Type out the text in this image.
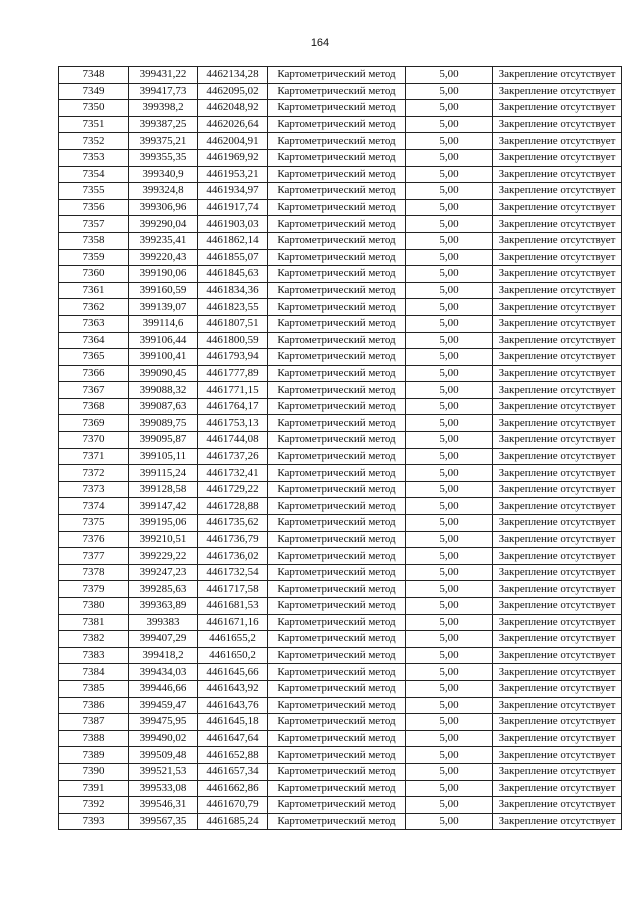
164
7348	399431,22	4462134,28	Картометрический метод	5,00	Закрепление отсутствует
7349	399417,73	4462095,02	Картометрический метод	5,00	Закрепление отсутствует
7350	399398,2	4462048,92	Картометрический метод	5,00	Закрепление отсутствует
7351	399387,25	4462026,64	Картометрический метод	5,00	Закрепление отсутствует
7352	399375,21	4462004,91	Картометрический метод	5,00	Закрепление отсутствует
7353	399355,35	4461969,92	Картометрический метод	5,00	Закрепление отсутствует
7354	399340,9	4461953,21	Картометрический метод	5,00	Закрепление отсутствует
7355	399324,8	4461934,97	Картометрический метод	5,00	Закрепление отсутствует
7356	399306,96	4461917,74	Картометрический метод	5,00	Закрепление отсутствует
7357	399290,04	4461903,03	Картометрический метод	5,00	Закрепление отсутствует
7358	399235,41	4461862,14	Картометрический метод	5,00	Закрепление отсутствует
7359	399220,43	4461855,07	Картометрический метод	5,00	Закрепление отсутствует
7360	399190,06	4461845,63	Картометрический метод	5,00	Закрепление отсутствует
7361	399160,59	4461834,36	Картометрический метод	5,00	Закрепление отсутствует
7362	399139,07	4461823,55	Картометрический метод	5,00	Закрепление отсутствует
7363	399114,6	4461807,51	Картометрический метод	5,00	Закрепление отсутствует
7364	399106,44	4461800,59	Картометрический метод	5,00	Закрепление отсутствует
7365	399100,41	4461793,94	Картометрический метод	5,00	Закрепление отсутствует
7366	399090,45	4461777,89	Картометрический метод	5,00	Закрепление отсутствует
7367	399088,32	4461771,15	Картометрический метод	5,00	Закрепление отсутствует
7368	399087,63	4461764,17	Картометрический метод	5,00	Закрепление отсутствует
7369	399089,75	4461753,13	Картометрический метод	5,00	Закрепление отсутствует
7370	399095,87	4461744,08	Картометрический метод	5,00	Закрепление отсутствует
7371	399105,11	4461737,26	Картометрический метод	5,00	Закрепление отсутствует
7372	399115,24	4461732,41	Картометрический метод	5,00	Закрепление отсутствует
7373	399128,58	4461729,22	Картометрический метод	5,00	Закрепление отсутствует
7374	399147,42	4461728,88	Картометрический метод	5,00	Закрепление отсутствует
7375	399195,06	4461735,62	Картометрический метод	5,00	Закрепление отсутствует
7376	399210,51	4461736,79	Картометрический метод	5,00	Закрепление отсутствует
7377	399229,22	4461736,02	Картометрический метод	5,00	Закрепление отсутствует
7378	399247,23	4461732,54	Картометрический метод	5,00	Закрепление отсутствует
7379	399285,63	4461717,58	Картометрический метод	5,00	Закрепление отсутствует
7380	399363,89	4461681,53	Картометрический метод	5,00	Закрепление отсутствует
7381	399383	4461671,16	Картометрический метод	5,00	Закрепление отсутствует
7382	399407,29	4461655,2	Картометрический метод	5,00	Закрепление отсутствует
7383	399418,2	4461650,2	Картометрический метод	5,00	Закрепление отсутствует
7384	399434,03	4461645,66	Картометрический метод	5,00	Закрепление отсутствует
7385	399446,66	4461643,92	Картометрический метод	5,00	Закрепление отсутствует
7386	399459,47	4461643,76	Картометрический метод	5,00	Закрепление отсутствует
7387	399475,95	4461645,18	Картометрический метод	5,00	Закрепление отсутствует
7388	399490,02	4461647,64	Картометрический метод	5,00	Закрепление отсутствует
7389	399509,48	4461652,88	Картометрический метод	5,00	Закрепление отсутствует
7390	399521,53	4461657,34	Картометрический метод	5,00	Закрепление отсутствует
7391	399533,08	4461662,86	Картометрический метод	5,00	Закрепление отсутствует
7392	399546,31	4461670,79	Картометрический метод	5,00	Закрепление отсутствует
7393	399567,35	4461685,24	Картометрический метод	5,00	Закрепление отсутствует
